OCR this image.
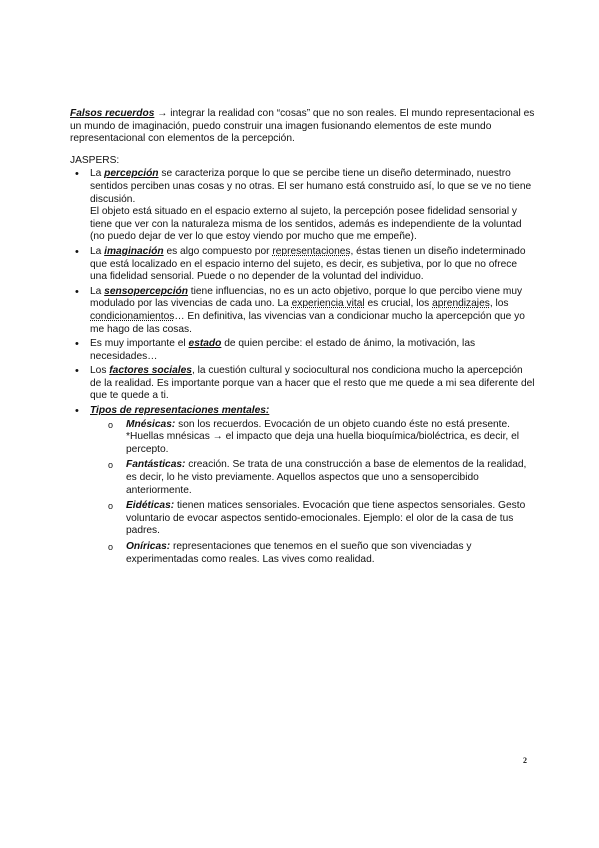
Falsos recuerdos → integrar la realidad con “cosas” que no son reales. El mundo representacional es un mundo de imaginación, puedo construir una imagen fusionando elementos de este mundo representacional con elementos de la percepción.

JASPERS:
• La percepción se caracteriza porque lo que se percibe tiene un diseño determinado, nuestro sentidos perciben unas cosas y no otras. El ser humano está construido así, lo que se ve no tiene discusión.
El objeto está situado en el espacio externo al sujeto, la percepción posee fidelidad sensorial y tiene que ver con la naturaleza misma de los sentidos, además es independiente de la voluntad (no puedo dejar de ver lo que estoy viendo por mucho que me empeñe).
• La imaginación es algo compuesto por representaciones, éstas tienen un diseño indeterminado que está localizado en el espacio interno del sujeto, es decir, es subjetiva, por lo que no ofrece una fidelidad sensorial. Puede o no depender de la voluntad del individuo.
• La sensopercepción tiene influencias, no es un acto objetivo, porque lo que percibo viene muy modulado por las vivencias de cada uno. La experiencia vital es crucial, los aprendizajes, los condicionamientos… En definitiva, las vivencias van a condicionar mucho la apercepción que yo me hago de las cosas.
• Es muy importante el estado de quien percibe: el estado de ánimo, la motivación, las necesidades…
• Los factores sociales, la cuestión cultural y sociocultural nos condiciona mucho la apercepción de la realidad. Es importante porque van a hacer que el resto que me quede a mi sea diferente del que te quede a ti.
• Tipos de representaciones mentales:
o Mnésicas: son los recuerdos. Evocación de un objeto cuando éste no está presente. *Huellas mnésicas → el impacto que deja una huella bioquímica/bioléctrica, es decir, el percepto.
o Fantásticas: creación. Se trata de una construcción a base de elementos de la realidad, es decir, lo he visto previamente. Aquellos aspectos que uno a sensopercibido anteriormente.
o Eidéticas: tienen matices sensoriales. Evocación que tiene aspectos sensoriales. Gesto voluntario de evocar aspectos sentido-emocionales. Ejemplo: el olor de la casa de tus padres.
o Oníricas: representaciones que tenemos en el sueño que son vivenciadas y experimentadas como reales. Las vives como realidad.
2
